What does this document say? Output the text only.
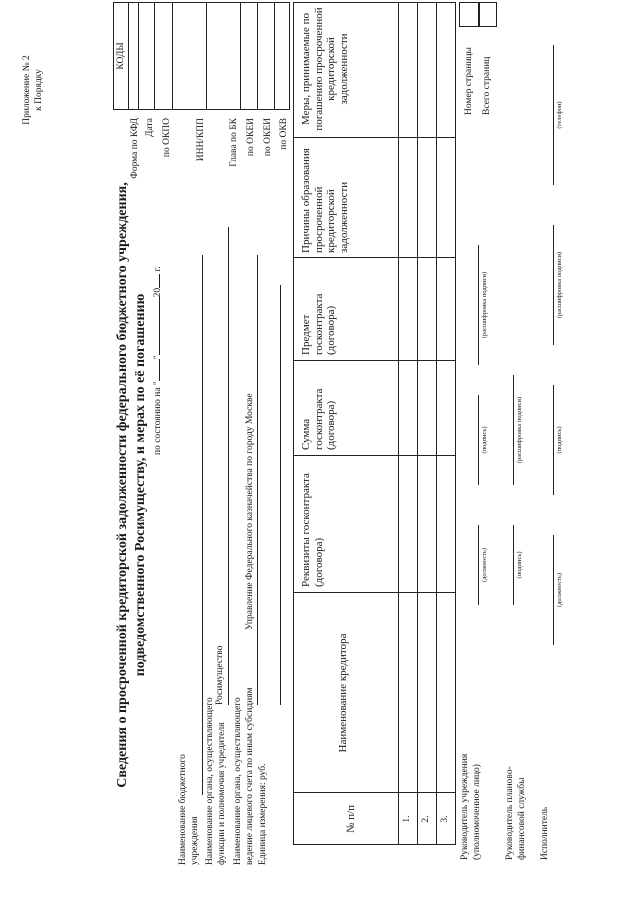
Приложение № 2 к Порядку
Сведения о просроченной кредиторской задолженности федерального бюджетного учреждения, подведомственного Росимуществу, и мерах по её погашению по состоянию на ""20 г.
КОДЫ
Форма по КФД Дата по ОКПО	ИНН/КПП Глава по БК по ОКЕИ по ОКЕИ по ОКВ
Наименование бюджетного учреждения Наименование органа, осуществляющего функции и полномочия учредителя
Росимущество
Наименование органа, осуществляющего ведение лицевого счета по иным субсидиям
Управление Федерального казначейства по городу Москве
Единица измерения: руб.	№ п/п
Наименование кредитора
Реквизиты госконтракта (договора)
Сумма госконтракта (договора)
Предмет госконтракта (договора)
Причины образования просроченной кредиторской задолженности
Меры, принимаемые по погашению просроченной кредиторской задолженности
1. 2. 3.
Номер страницы Всего страниц
Руководитель учреждения (уполномоченное лицо)
(должность)
(подпись)
(расшифровка подписи)
Руководитель планово- финансовой службы
(подпись)
(расшифровка подписи)
Исполнитель
(должность)
(подпись)
(расшифровка подписи)
(телефон)
